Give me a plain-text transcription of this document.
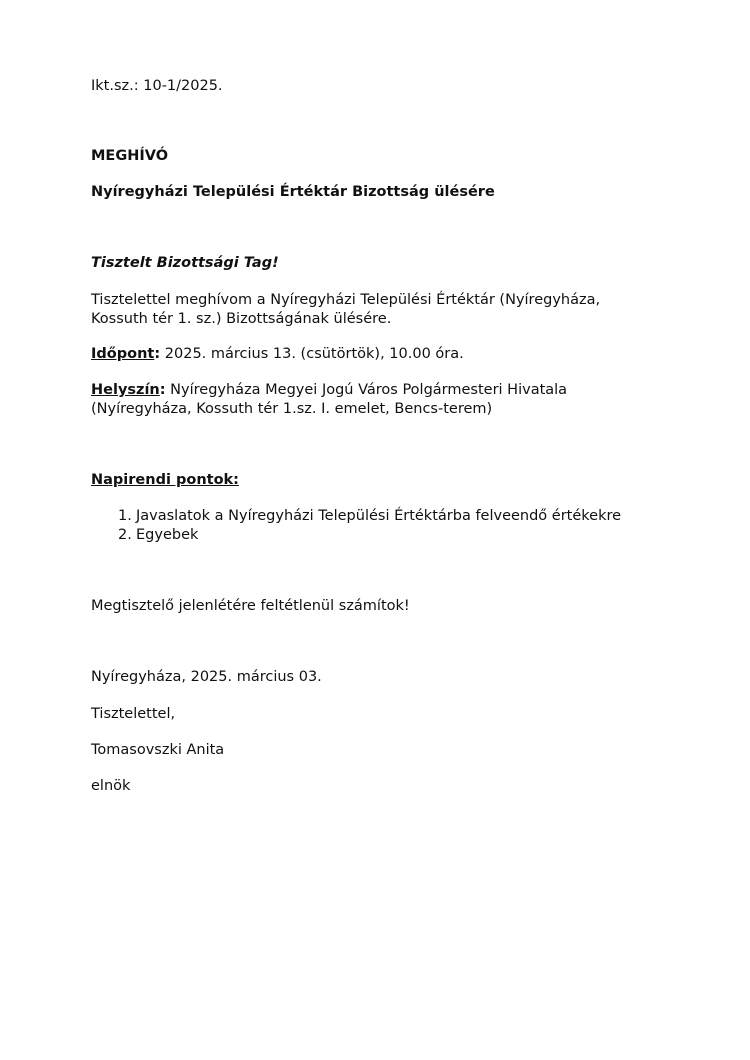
Ikt.sz.: 10-1/2025.
MEGHÍVÓ
Nyíregyházi Települési Értéktár Bizottság ülésére
Tisztelt Bizottsági Tag!
Tisztelettel meghívom a Nyíregyházi Települési Értéktár (Nyíregyháza,
Kossuth tér 1. sz.) Bizottságának ülésére.
Időpont: 2025. március 13. (csütörtök), 10.00 óra.
Helyszín: Nyíregyháza Megyei Jogú Város Polgármesteri Hivatala
(Nyíregyháza, Kossuth tér 1.sz. I. emelet, Bencs-terem)
Napirendi pontok:
1. Javaslatok a Nyíregyházi Települési Értéktárba felveendő értékekre
2. Egyebek
Megtisztelő jelenlétére feltétlenül számítok!
Nyíregyháza, 2025. március 03.
Tisztelettel,
Tomasovszki Anita
elnök
